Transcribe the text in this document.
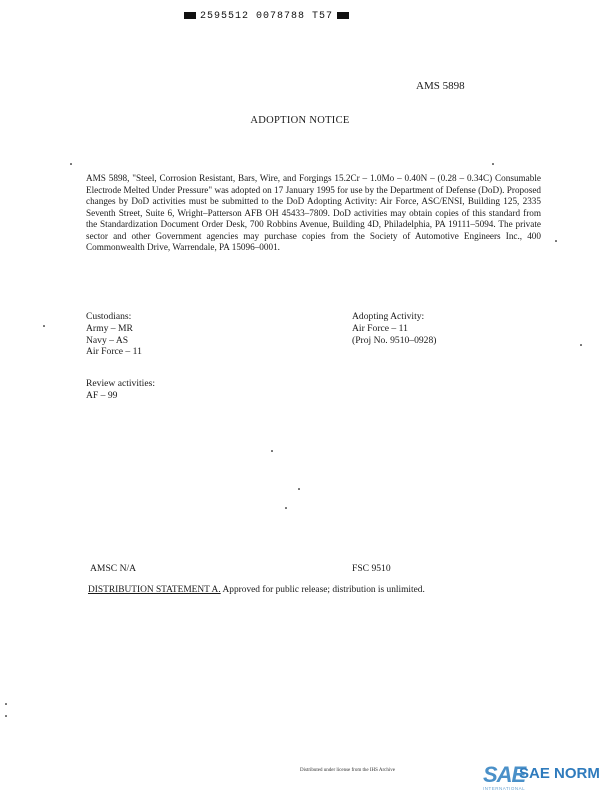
2595512 0078788 T57
AMS 5898
ADOPTION NOTICE
AMS 5898, "Steel, Corrosion Resistant, Bars, Wire, and Forgings 15.2Cr – 1.0Mo – 0.40N – (0.28 – 0.34C) Consumable Electrode Melted Under Pressure" was adopted on 17 January 1995 for use by the Department of Defense (DoD). Proposed changes by DoD activities must be submitted to the DoD Adopting Activity: Air Force, ASC/ENSI, Building 125, 2335 Seventh Street, Suite 6, Wright–Patterson AFB OH 45433–7809. DoD activities may obtain copies of this standard from the Standardization Document Order Desk, 700 Robbins Avenue, Building 4D, Philadelphia, PA 19111–5094. The private sector and other Government agencies may purchase copies from the Society of Automotive Engineers Inc., 400 Commonwealth Drive, Warrendale, PA 15096–0001.
Custodians:
Army – MR
Navy – AS
Air Force – 11
Adopting Activity:
Air Force – 11
(Proj No. 9510–0928)
Review activities:
AF – 99
AMSC N/A	FSC 9510
DISTRIBUTION STATEMENT A. Approved for public release; distribution is unlimited.
Distributed under license from the IHS Archive	SAE
SAE NORM
INTERNATIONAL
